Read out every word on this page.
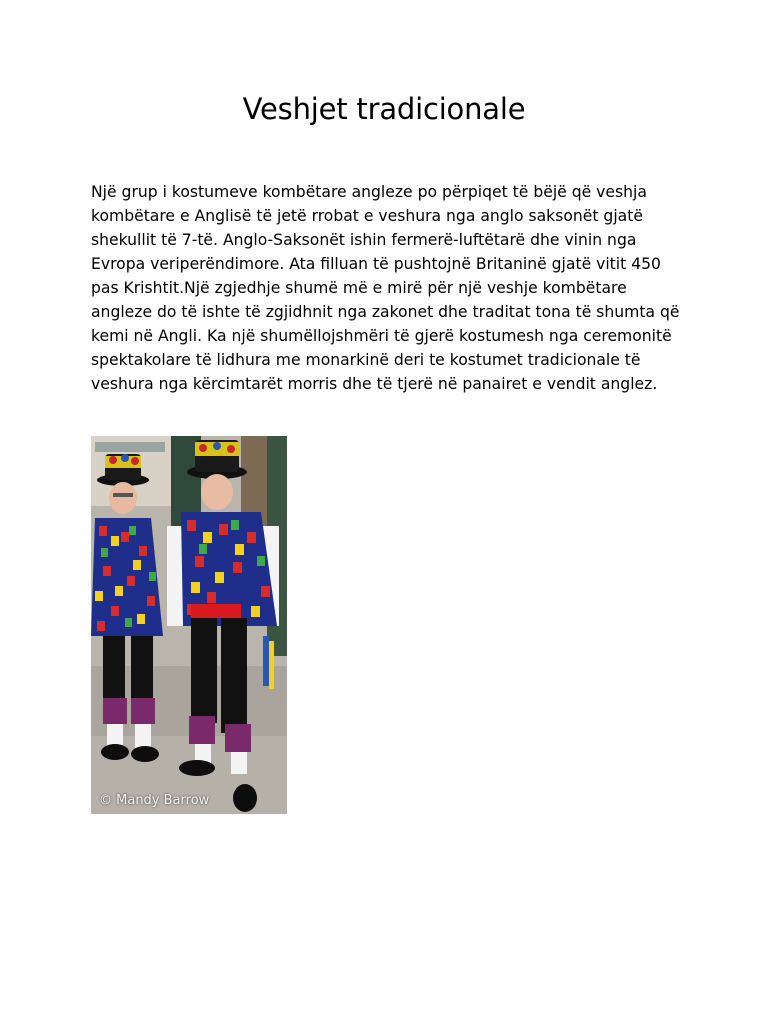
Veshjet tradicionale

Një grup i kostumeve kombëtare angleze po përpiqet të bëjë që veshja kombëtare e Anglisë të jetë rrobat e veshura nga anglo saksonët gjatë shekullit të 7-të. Anglo-Saksonët ishin fermerë-luftëtarë dhe vinin nga Evropa veriperëndimore. Ata filluan të pushtojnë Britaninë gjatë vitit 450 pas Krishtit.Një zgjedhje shumë më e mirë për një veshje kombëtare angleze do të ishte të zgjidhnit nga zakonet dhe traditat tona të shumta që kemi në Angli. Ka një shumëllojshmëri të gjerë kostumesh nga ceremonitë spektakolare të lidhura me monarkinë deri te kostumet tradicionale të veshura nga kërcimtarët morris dhe të tjerë në panairet e vendit anglez.

© Mandy Barrow
